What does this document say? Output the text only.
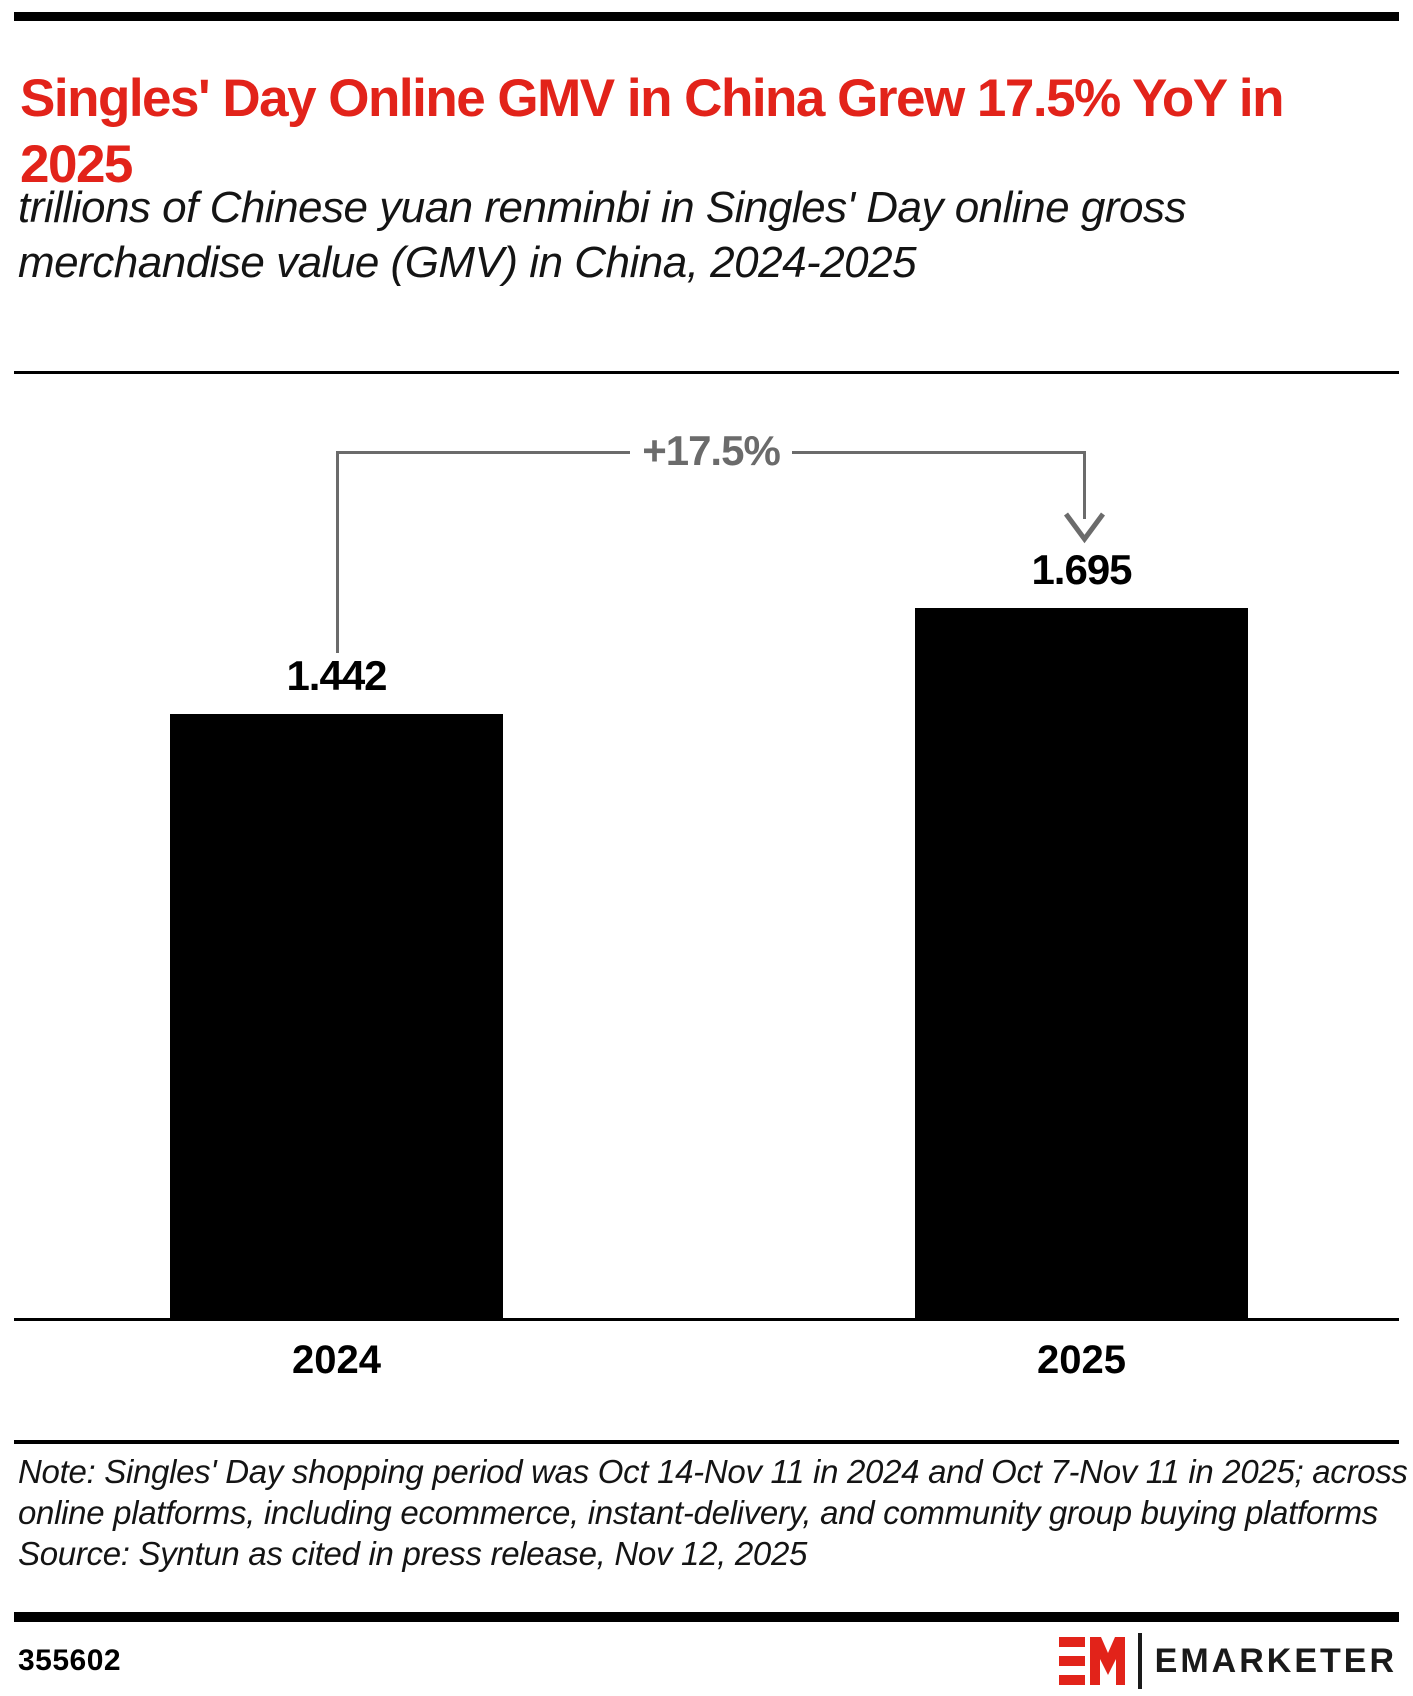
Singles' Day Online GMV in China Grew 17.5% YoY in 2025
trillions of Chinese yuan renminbi in Singles' Day online gross merchandise value (GMV) in China, 2024-2025
+17.5%
1.442
1.695
2024	2025

Note: Singles' Day shopping period was Oct 14-Nov 11 in 2024 and Oct 7-Nov 11 in 2025; across online platforms, including ecommerce, instant-delivery, and community group buying platforms

Source: Syntun as cited in press release, Nov 12, 2025

355602	EMARKETER
